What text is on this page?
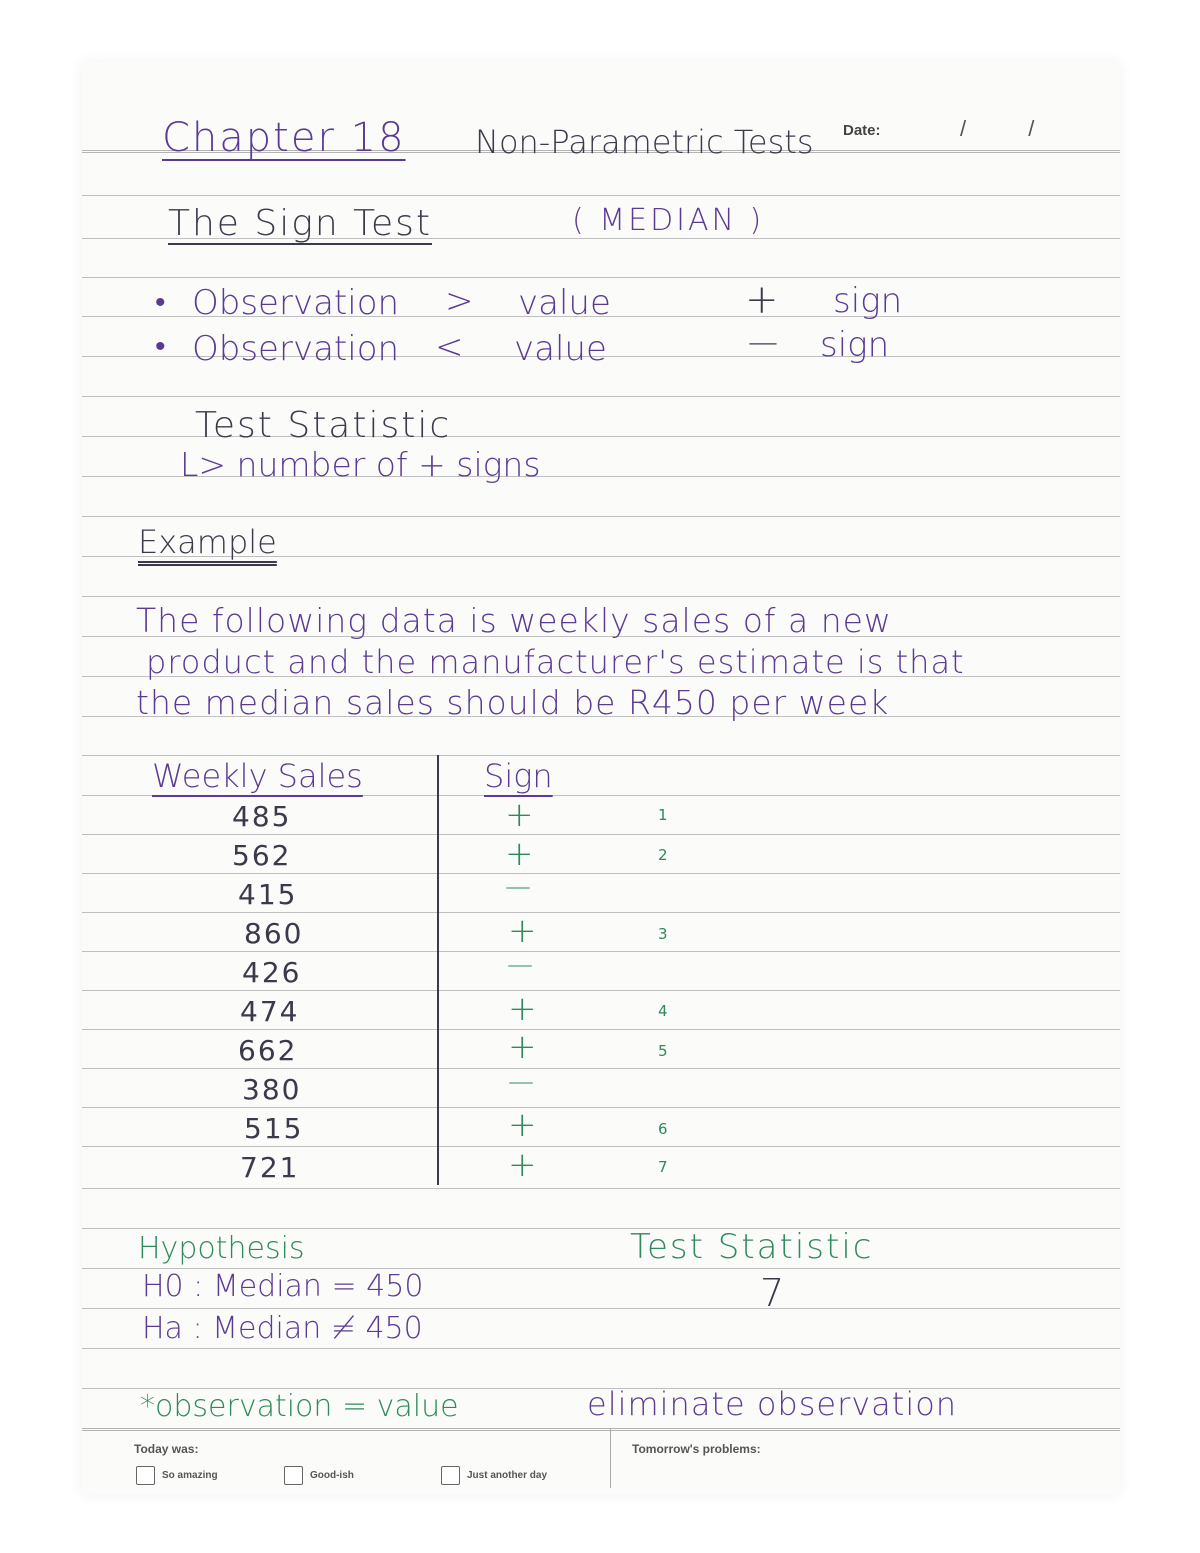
Chapter 18 Non-Parametric Tests Date:	/ /
The Sign Test	( MEDIAN )
• Observation > value	+ sign
• Observation < value	— sign
Test Statistic
L> number of + signs
Example
The following data is weekly sales of a new
product and the manufacturer's estimate is that
the median sales should be R450 per week
Weekly Sales	Sign
485	+	1
562	+	2
415	—
860	+	3
426	—
474	+	4
662	+	5
380	—
515	+	6
721	+	7
Hypothesis
H0 : Median = 450
Ha : Median ≠ 450
Test Statistic
7
*observation = value	eliminate observation
Today was:	Tomorrow's problems:
So amazing	Good-ish	Just another day
